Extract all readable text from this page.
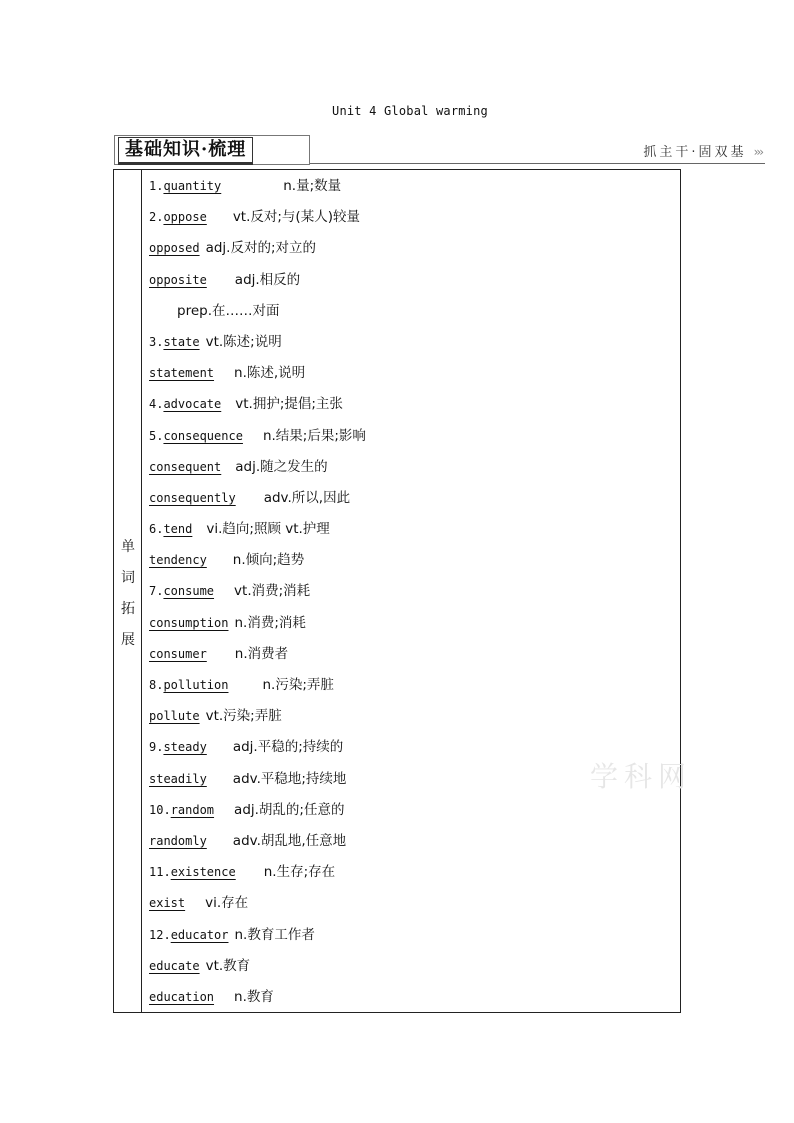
Unit 4 Global warming
基础知识·梳理	抓主干·固双基 ›››
单
词
拓
展
1.quantity	n.量;数量
2.oppose vt.反对;与(某人)较量
opposed adj.反对的;对立的
opposite adj.相反的
prep.在……对面
3.state vt.陈述;说明
statement n.陈述,说明
4.advocate vt.拥护;提倡;主张
5.consequence n.结果;后果;影响
consequent adj.随之发生的
consequently adv.所以,因此
6.tend vi.趋向;照顾 vt.护理
tendency n.倾向;趋势
7.consume vt.消费;消耗
consumption n.消费;消耗
consumer n.消费者
8.pollution	n.污染;弄脏
pollute vt.污染;弄脏
9.steady adj.平稳的;持续的
steadily adv.平稳地;持续地
10.random adj.胡乱的;任意的
randomly adv.胡乱地,任意地
11.existence n.生存;存在
exist vi.存在
12.educator n.教育工作者
educate vt.教育
education n.教育
学科网
